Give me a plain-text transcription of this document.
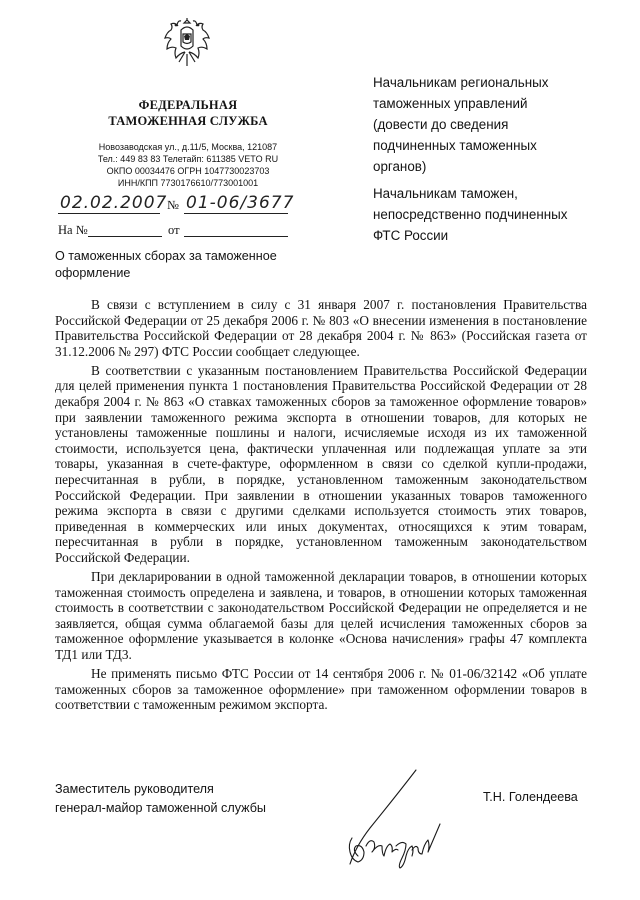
ФЕДЕРАЛЬНАЯ
ТАМОЖЕННАЯ СЛУЖБА
Новозаводская ул., д.11/5, Москва, 121087
Тел.: 449 83 83 Телетайп: 611385 VETO RU
ОКПО 00034476 ОГРН 1047730023703
ИНН/КПП 7730176610/773001001
02.02.2007 № 01-06/3677
На №	от
Начальникам региональных
таможенных управлений
(довести до сведения
подчиненных таможенных
органов)
Начальникам таможен,
непосредственно подчиненных
ФТС России
О таможенных сборах за таможенное оформление

В связи с вступлением в силу с 31 января 2007 г. постановления Правительства Российской Федерации от 25 декабря 2006 г. № 803 «О внесении изменения в постановление Правительства Российской Федерации от 28 декабря 2004 г. № 863» (Российская газета от 31.12.2006 № 297) ФТС России сообщает следующее.

В соответствии с указанным постановлением Правительства Российской Федерации для целей применения пункта 1 постановления Правительства Российской Федерации от 28 декабря 2004 г. № 863 «О ставках таможенных сборов за таможенное оформление товаров» при заявлении таможенного режима экспорта в отношении товаров, для которых не установлены таможенные пошлины и налоги, исчисляемые исходя из их таможенной стоимости, используется цена, фактически уплаченная или подлежащая уплате за эти товары, указанная в счете-фактуре, оформленном в связи со сделкой купли-продажи, пересчитанная в рубли, в порядке, установленном таможенным законодательством Российской Федерации. При заявлении в отношении указанных товаров таможенного режима экспорта в связи с другими сделками используется стоимость этих товаров, приведенная в коммерческих или иных документах, относящихся к этим товарам, пересчитанная в рубли в порядке, установленном таможенным законодательством Российской Федерации.

При декларировании в одной таможенной декларации товаров, в отношении которых таможенная стоимость определена и заявлена, и товаров, в отношении которых таможенная стоимость в соответствии с законодательством Российской Федерации не определяется и не заявляется, общая сумма облагаемой базы для целей исчисления таможенных сборов за таможенное оформление указывается в колонке «Основа начисления» графы 47 комплекта ТД1 или ТД3.

Не применять письмо ФТС России от 14 сентября 2006 г. № 01-06/32142 «Об уплате таможенных сборов за таможенное оформление» при таможенном оформлении товаров в соответствии с таможенным режимом экспорта.

Заместитель руководителя
генерал-майор таможенной службы
Т.Н. Голендеева
